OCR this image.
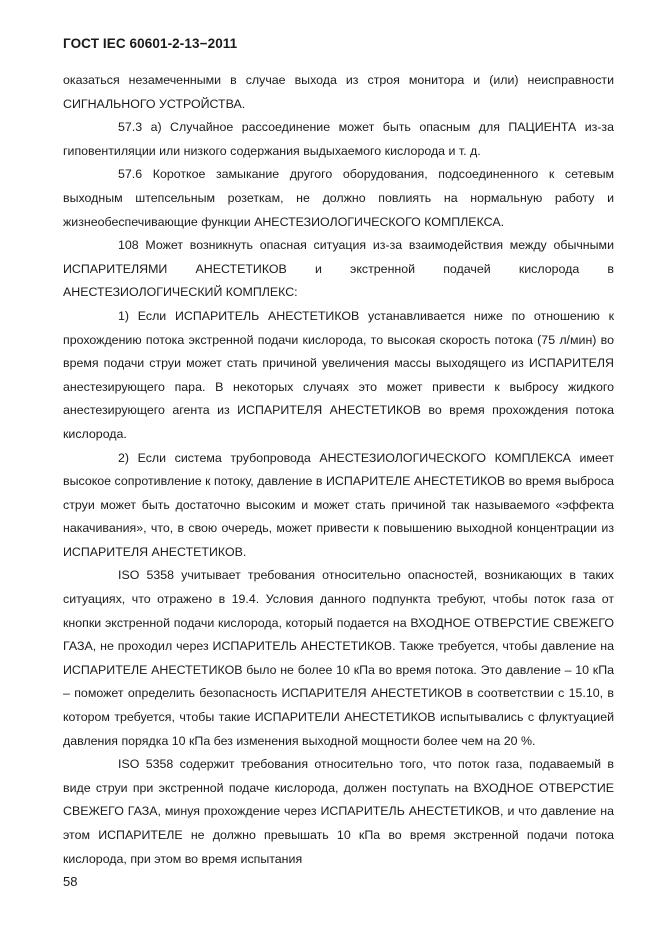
ГОСТ IEC 60601-2-13−2011

оказаться незамеченными в случае выхода из строя монитора и (или) неисправности СИГНАЛЬНОГО УСТРОЙСТВА.

57.3 а) Случайное рассоединение может быть опасным для ПАЦИЕНТА из-за гиповентиляции или низкого содержания выдыхаемого кислорода и т. д.

57.6 Короткое замыкание другого оборудования, подсоединенного к сетевым выходным штепсельным розеткам, не должно повлиять на нормальную работу и жизнеобеспечивающие функции АНЕСТЕЗИОЛОГИЧЕСКОГО КОМПЛЕКСА.

108 Может возникнуть опасная ситуация из-за взаимодействия между обычными ИСПАРИТЕЛЯМИ АНЕСТЕТИКОВ и экстренной подачей кислорода в АНЕСТЕЗИОЛОГИЧЕСКИЙ КОМПЛЕКС:

1) Если ИСПАРИТЕЛЬ АНЕСТЕТИКОВ устанавливается ниже по отношению к прохождению потока экстренной подачи кислорода, то высокая скорость потока (75 л/мин) во время подачи струи может стать причиной увеличения массы выходящего из ИСПАРИТЕЛЯ анестезирующего пара. В некоторых случаях это может привести к выбросу жидкого анестезирующего агента из ИСПАРИТЕЛЯ АНЕСТЕТИКОВ во время прохождения потока кислорода.

2) Если система трубопровода АНЕСТЕЗИОЛОГИЧЕСКОГО КОМПЛЕКСА имеет высокое сопротивление к потоку, давление в ИСПАРИТЕЛЕ АНЕСТЕТИКОВ во время выброса струи может быть достаточно высоким и может стать причиной так называемого «эффекта накачивания», что, в свою очередь, может привести к повышению выходной концентрации из ИСПАРИТЕЛЯ АНЕСТЕТИКОВ.

ISO 5358 учитывает требования относительно опасностей, возникающих в таких ситуациях, что отражено в 19.4. Условия данного подпункта требуют, чтобы поток газа от кнопки экстренной подачи кислорода, который подается на ВХОДНОЕ ОТВЕРСТИЕ СВЕЖЕГО ГАЗА, не проходил через ИСПАРИТЕЛЬ АНЕСТЕТИКОВ. Также требуется, чтобы давление на ИСПАРИТЕЛЕ АНЕСТЕТИКОВ было не более 10 кПа во время потока. Это давление – 10 кПа – поможет определить безопасность ИСПАРИТЕЛЯ АНЕСТЕТИКОВ в соответствии с 15.10, в котором требуется, чтобы такие ИСПАРИТЕЛИ АНЕСТЕТИКОВ испытывались с флуктуацией давления порядка 10 кПа без изменения выходной мощности более чем на 20 %.

ISO 5358 содержит требования относительно того, что поток газа, подаваемый в виде струи при экстренной подаче кислорода, должен поступать на ВХОДНОЕ ОТВЕРСТИЕ СВЕЖЕГО ГАЗА, минуя прохождение через ИСПАРИТЕЛЬ АНЕСТЕТИКОВ, и что давление на этом ИСПАРИТЕЛЕ не должно превышать 10 кПа во время экстренной подачи потока кислорода, при этом во время испытания

58
